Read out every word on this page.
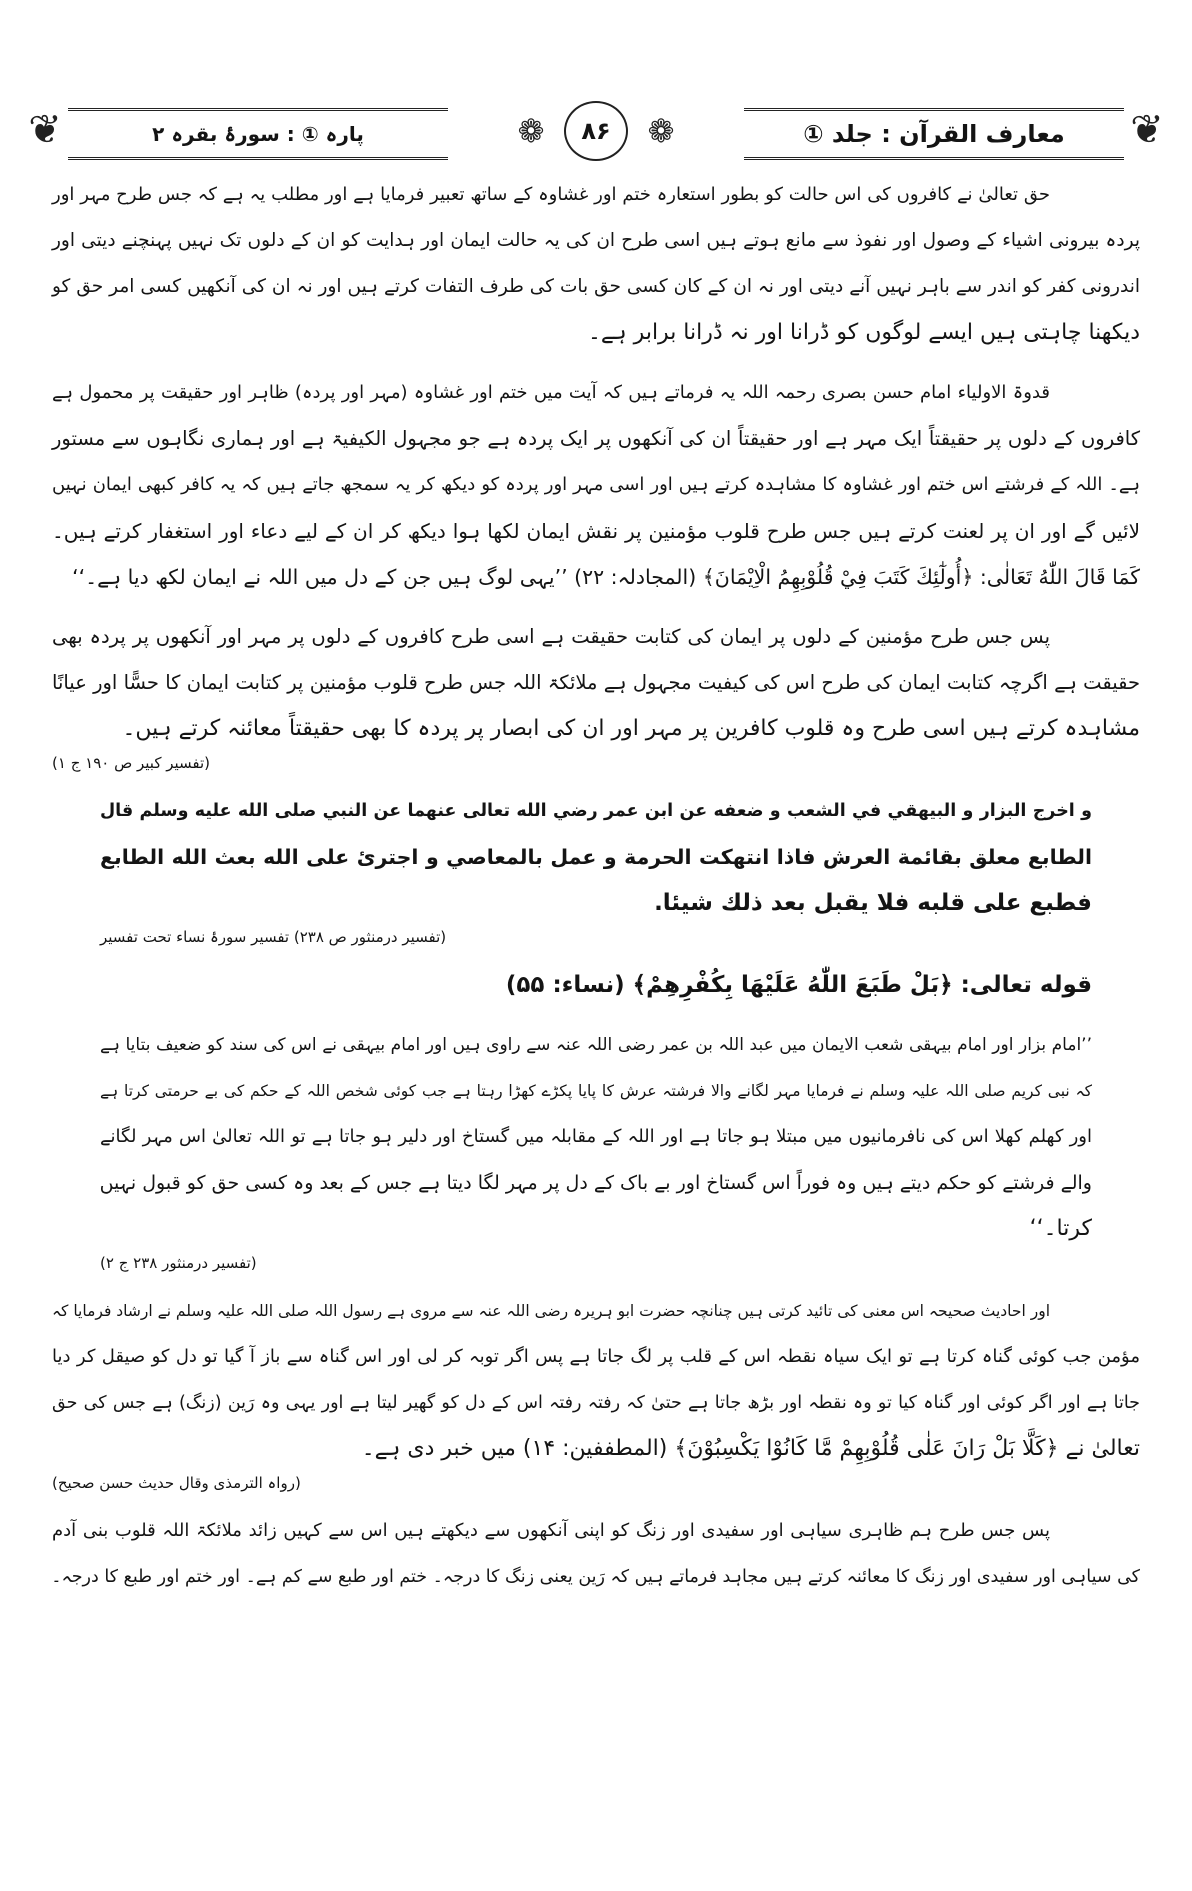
❦	پارہ ① : سورۂ بقرہ ۲	❁	۸۶	❁	معارف القرآن : جلد ①	❦
حق تعالیٰ نے کافروں کی اس حالت کو بطور استعارہ ختم اور غشاوہ کے ساتھ تعبیر فرمایا ہے اور مطلب یہ ہے کہ جس طرح مہر اور
پردہ بیرونی اشیاء کے وصول اور نفوذ سے مانع ہوتے ہیں اسی طرح ان کی یہ حالت ایمان اور ہدایت کو ان کے دلوں تک نہیں پہنچنے دیتی اور
اندرونی کفر کو اندر سے باہر نہیں آنے دیتی اور نہ ان کے کان کسی حق بات کی طرف التفات کرتے ہیں اور نہ ان کی آنکھیں کسی امر حق کو
دیکھنا چاہتی ہیں ایسے لوگوں کو ڈرانا اور نہ ڈرانا برابر ہے۔
قدوۃ الاولیاء امام حسن بصری رحمہ اللہ یہ فرماتے ہیں کہ آیت میں ختم اور غشاوہ (مہر اور پردہ) ظاہر اور حقیقت پر محمول ہے
کافروں کے دلوں پر حقیقتاً ایک مہر ہے اور حقیقتاً ان کی آنکھوں پر ایک پردہ ہے جو مجہول الکیفیۃ ہے اور ہماری نگاہوں سے مستور
ہے۔ اللہ کے فرشتے اس ختم اور غشاوہ کا مشاہدہ کرتے ہیں اور اسی مہر اور پردہ کو دیکھ کر یہ سمجھ جاتے ہیں کہ یہ کافر کبھی ایمان نہیں
لائیں گے اور ان پر لعنت کرتے ہیں جس طرح قلوب مؤمنین پر نقش ایمان لکھا ہوا دیکھ کر ان کے لیے دعاء اور استغفار کرتے ہیں۔
كَمَا قَالَ اللّٰهُ تَعَالٰى: ﴿أُولٰٓئِكَ كَتَبَ فِيْ قُلُوْبِهِمُ الْاِيْمَانَ﴾ (المجادلہ: ۲۲) ’’یہی لوگ ہیں جن کے دل میں اللہ نے ایمان لکھ دیا ہے۔‘‘
پس جس طرح مؤمنین کے دلوں پر ایمان کی کتابت حقیقت ہے اسی طرح کافروں کے دلوں پر مہر اور آنکھوں پر پردہ بھی
حقیقت ہے اگرچہ کتابت ایمان کی طرح اس کی کیفیت مجہول ہے ملائکۃ اللہ جس طرح قلوب مؤمنین پر کتابت ایمان کا حسًّا اور عیانًا
مشاہدہ کرتے ہیں اسی طرح وہ قلوب کافرین پر مہر اور ان کی ابصار پر پردہ کا بھی حقیقتاً معائنہ کرتے ہیں۔
(تفسیر کبیر ص ۱۹۰ ج ۱)
و اخرج البزار و البيهقي في الشعب و ضعفه عن ابن عمر رضي الله تعالى عنهما عن النبي صلى الله عليه وسلم قال
الطابع معلق بقائمة العرش فاذا انتهكت الحرمة و عمل بالمعاصي و اجترئ على الله بعث الله الطابع
فطبع على قلبه فلا يقبل بعد ذلك شيئا.
(تفسیر درمنثور ص ۲۳۸) تفسیر سورۂ نساء تحت تفسیر
قوله تعالى: ﴿بَلْ طَبَعَ اللّٰهُ عَلَيْهَا بِكُفْرِهِمْ﴾ (نساء: ۵۵)
’’امام بزار اور امام بیہقی شعب الایمان میں عبد اللہ بن عمر رضی اللہ عنہ سے راوی ہیں اور امام بیہقی نے اس کی سند کو ضعیف بتایا ہے
کہ نبی کریم صلی اللہ علیہ وسلم نے فرمایا مہر لگانے والا فرشتہ عرش کا پایا پکڑے کھڑا رہتا ہے جب کوئی شخص اللہ کے حکم کی بے حرمتی کرتا ہے
اور کھلم کھلا اس کی نافرمانیوں میں مبتلا ہو جاتا ہے اور اللہ کے مقابلہ میں گستاخ اور دلیر ہو جاتا ہے تو اللہ تعالیٰ اس مہر لگانے
والے فرشتے کو حکم دیتے ہیں وہ فوراً اس گستاخ اور بے باک کے دل پر مہر لگا دیتا ہے جس کے بعد وہ کسی حق کو قبول نہیں
کرتا۔‘‘
(تفسیر درمنثور ۲۳۸ ج ۲)
اور احادیث صحیحہ اس معنی کی تائید کرتی ہیں چنانچہ حضرت ابو ہریرہ رضی اللہ عنہ سے مروی ہے رسول اللہ صلی اللہ علیہ وسلم نے ارشاد فرمایا کہ
مؤمن جب کوئی گناہ کرتا ہے تو ایک سیاہ نقطہ اس کے قلب پر لگ جاتا ہے پس اگر توبہ کر لی اور اس گناہ سے باز آ گیا تو دل کو صیقل کر دیا
جاتا ہے اور اگر کوئی اور گناہ کیا تو وہ نقطہ اور بڑھ جاتا ہے حتیٰ کہ رفتہ رفتہ اس کے دل کو گھیر لیتا ہے اور یہی وہ رَین (زنگ) ہے جس کی حق
تعالیٰ نے ﴿كَلَّا بَلْ رَانَ عَلٰى قُلُوْبِهِمْ مَّا كَانُوْا يَكْسِبُوْنَ﴾ (المطففين: ۱۴) میں خبر دی ہے۔
(رواہ الترمذی وقال حدیث حسن صحیح)
پس جس طرح ہم ظاہری سیاہی اور سفیدی اور زنگ کو اپنی آنکھوں سے دیکھتے ہیں اس سے کہیں زائد ملائکۃ اللہ قلوب بنی آدم
کی سیاہی اور سفیدی اور زنگ کا معائنہ کرتے ہیں مجاہد فرماتے ہیں کہ رَین یعنی زنگ کا درجہ۔ ختم اور طبع سے کم ہے۔ اور ختم اور طبع کا درجہ۔
